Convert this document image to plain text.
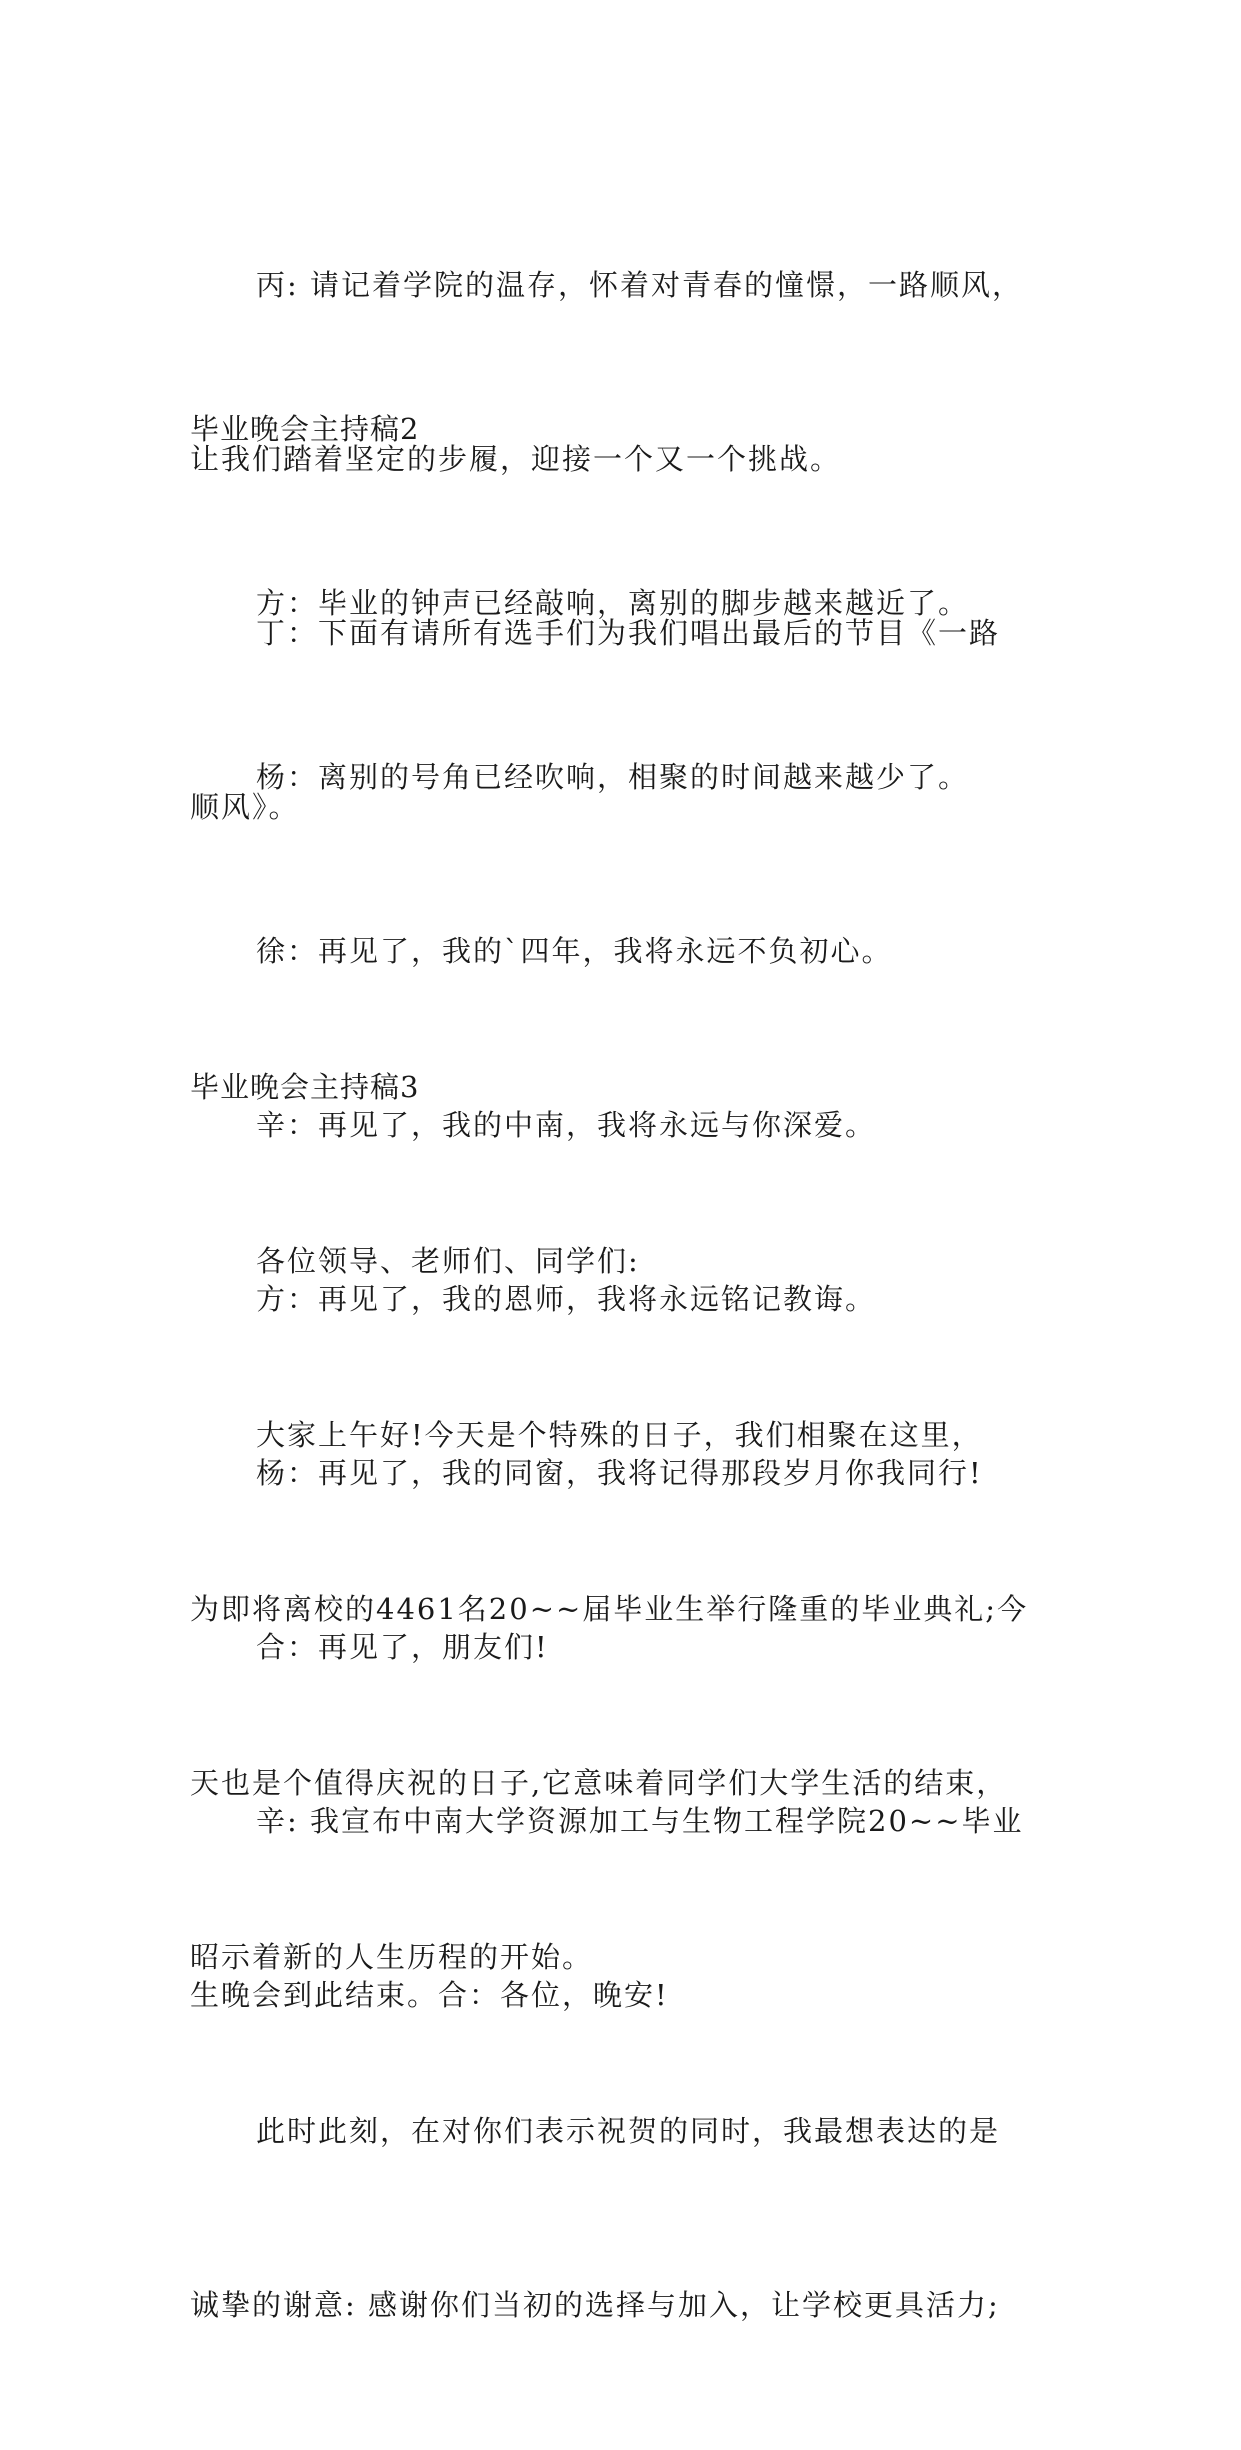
丙: 请记着学院的温存，怀着对青春的憧憬，一路顺风，

让我们踏着坚定的步履，迎接一个又一个挑战。

丁：下面有请所有选手们为我们唱出最后的节目《一路

顺风》。

毕业晚会主持稿2

方：毕业的钟声已经敲响，离别的脚步越来越近了。

杨：离别的号角已经吹响，相聚的时间越来越少了。

徐：再见了，我的`四年，我将永远不负初心。

辛：再见了，我的中南，我将永远与你深爱。

方：再见了，我的恩师，我将永远铭记教诲。

杨：再见了，我的同窗，我将记得那段岁月你我同行!

合：再见了，朋友们!

辛: 我宣布中南大学资源加工与生物工程学院20~~毕业

生晚会到此结束。合：各位，晚安!

毕业晚会主持稿3

各位领导、老师们、同学们:

大家上午好!今天是个特殊的日子，我们相聚在这里，

为即将离校的4461名20~~届毕业生举行隆重的毕业典礼;今

天也是个值得庆祝的日子,它意味着同学们大学生活的结束，

昭示着新的人生历程的开始。

此时此刻，在对你们表示祝贺的同时，我最想表达的是

诚挚的谢意: 感谢你们当初的选择与加入，让学校更具活力;
